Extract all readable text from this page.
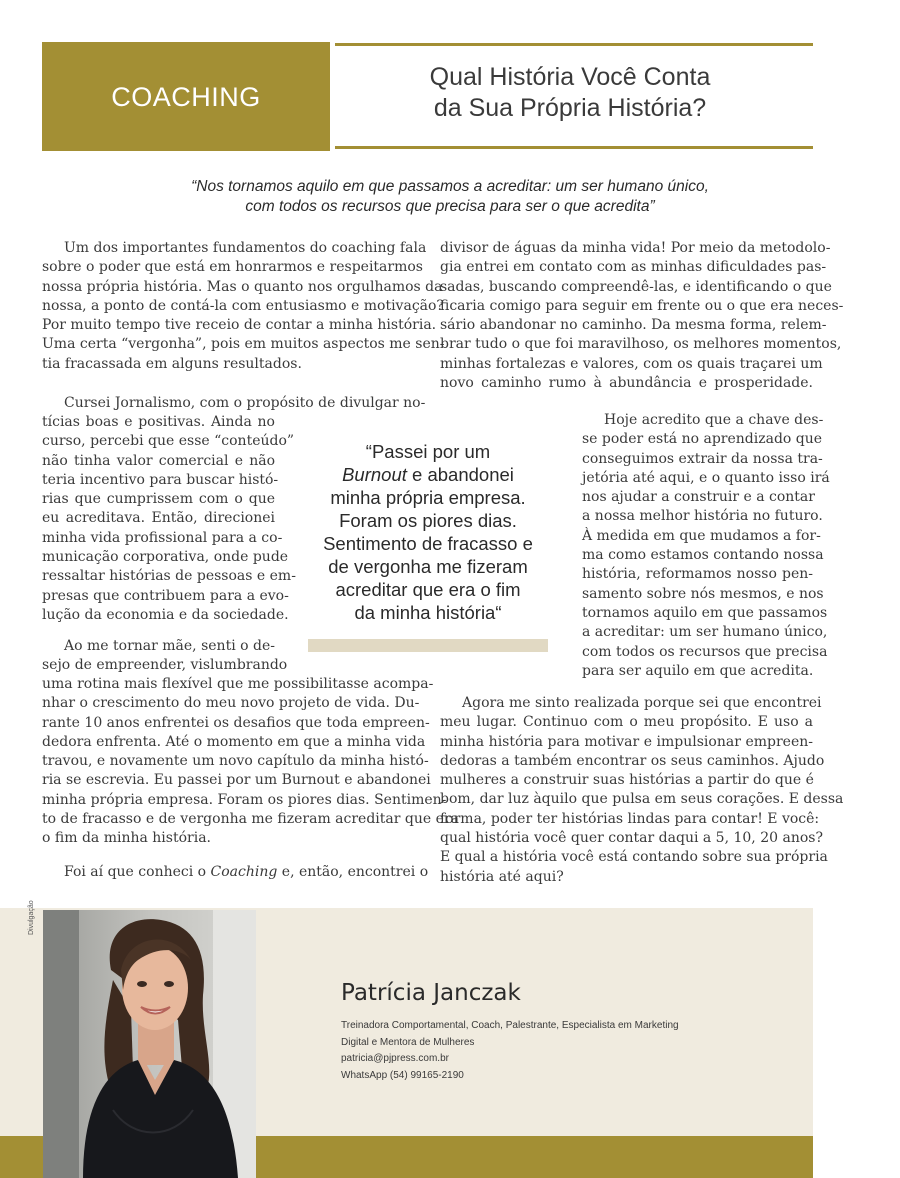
COACHING
Qual História Você Conta
da Sua Própria História?
“Nos tornamos aquilo em que passamos a acreditar: um ser humano único,
com todos os recursos que precisa para ser o que acredita”
Um dos importantes fundamentos do coaching fala
sobre o poder que está em honrarmos e respeitarmos
nossa própria história. Mas o quanto nos orgulhamos da
nossa, a ponto de contá-la com entusiasmo e motivação?
Por muito tempo tive receio de contar a minha história.
Uma certa “vergonha”, pois em muitos aspectos me sen-
tia fracassada em alguns resultados.
Cursei Jornalismo, com o propósito de divulgar no-
tícias boas e positivas. Ainda no
curso, percebi que esse “conteúdo”
não tinha valor comercial e não
teria incentivo para buscar histó-
rias que cumprissem com o que
eu acreditava. Então, direcionei
minha vida profissional para a co-
municação corporativa, onde pude
ressaltar histórias de pessoas e em-
presas que contribuem para a evo-
lução da economia e da sociedade.
Ao me tornar mãe, senti o de-
sejo de empreender, vislumbrando
uma rotina mais flexível que me possibilitasse acompa-
nhar o crescimento do meu novo projeto de vida. Du-
rante 10 anos enfrentei os desafios que toda empreen-
dedora enfrenta. Até o momento em que a minha vida
travou, e novamente um novo capítulo da minha histó-
ria se escrevia. Eu passei por um Burnout e abandonei
minha própria empresa. Foram os piores dias. Sentimen-
to de fracasso e de vergonha me fizeram acreditar que era
o fim da minha história.
Foi aí que conheci o Coaching e, então, encontrei o
divisor de águas da minha vida! Por meio da metodolo-
gia entrei em contato com as minhas dificuldades pas-
sadas, buscando compreendê-las, e identificando o que
ficaria comigo para seguir em frente ou o que era neces-
sário abandonar no caminho. Da mesma forma, relem-
brar tudo o que foi maravilhoso, os melhores momentos,
minhas fortalezas e valores, com os quais traçarei um
novo caminho rumo à abundância e prosperidade.
Hoje acredito que a chave des-
se poder está no aprendizado que
conseguimos extrair da nossa tra-
jetória até aqui, e o quanto isso irá
nos ajudar a construir e a contar
a nossa melhor história no futuro.
À medida em que mudamos a for-
ma como estamos contando nossa
história, reformamos nosso pen-
samento sobre nós mesmos, e nos
tornamos aquilo em que passamos
a acreditar: um ser humano único,
com todos os recursos que precisa
para ser aquilo em que acredita.
Agora me sinto realizada porque sei que encontrei
meu lugar. Continuo com o meu propósito. E uso a
minha história para motivar e impulsionar empreen-
dedoras a também encontrar os seus caminhos. Ajudo
mulheres a construir suas histórias a partir do que é
bom, dar luz àquilo que pulsa em seus corações. E dessa
forma, poder ter histórias lindas para contar! E você:
qual história você quer contar daqui a 5, 10, 20 anos?
E qual a história você está contando sobre sua própria
história até aqui?
“Passei por um
Burnout e abandonei
minha própria empresa.
Foram os piores dias.
Sentimento de fracasso e
de vergonha me fizeram
acreditar que era o fim
da minha história“
Divulgação
Patrícia Janczak
Treinadora Comportamental, Coach, Palestrante, Especialista em Marketing
Digital e Mentora de Mulheres
patricia@pjpress.com.br
WhatsApp (54) 99165-2190
